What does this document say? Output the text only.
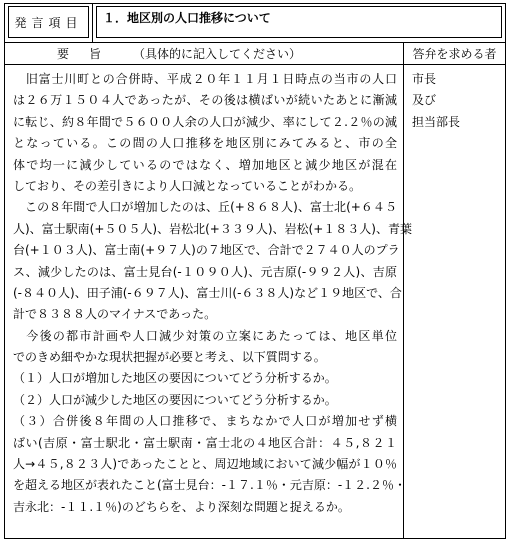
発言項目	１．地区別の人口推移について
要旨 （具体的に記入してください）	答弁を求める者
　旧富士川町との合併時、平成２０年１１月１日時点の当市の人口
は２６万１５０４人であったが、その後は横ばいが続いたあとに漸減
に転じ、約８年間で５６００人余の人口が減少、率にして２.２％の減
となっている。この間の人口推移を地区別にみてみると、市の全
体で均一に減少しているのではなく、増加地区と減少地区が混在
しており、その差引きにより人口減となっていることがわかる。
　この８年間で人口が増加したのは、丘(+８６８人)、富士北(+６４５
人)、富士駅南(+５０５人)、岩松北(+３３９人)、岩松(+１８３人)、青葉
台(+１０３人)、富士南(+９７人)の７地区で、合計で２７４０人のプラ
ス、減少したのは、富士見台(-１０９０人)、元吉原(-９９２人)、吉原
(-８４０人)、田子浦(-６９７人)、富士川(-６３８人)など１９地区で、合
計で８３８８人のマイナスであった。
　今後の都市計画や人口減少対策の立案にあたっては、地区単位
でのきめ細やかな現状把握が必要と考え、以下質問する。
（１）人口が増加した地区の要因についてどう分析するか。
（２）人口が減少した地区の要因についてどう分析するか。
（３）合併後８年間の人口推移で、まちなかで人口が増加せず横
ばい(吉原・富士駅北・富士駅南・富士北の４地区合計：４５,８２１
人→４５,８２３人)であったことと、周辺地域において減少幅が１０％
を超える地区が表れたこと(富士見台：-１７.１％・元吉原：-１２.２％・
吉永北：-１１.１％)のどちらを、より深刻な問題と捉えるか。
市長
及び
担当部長
